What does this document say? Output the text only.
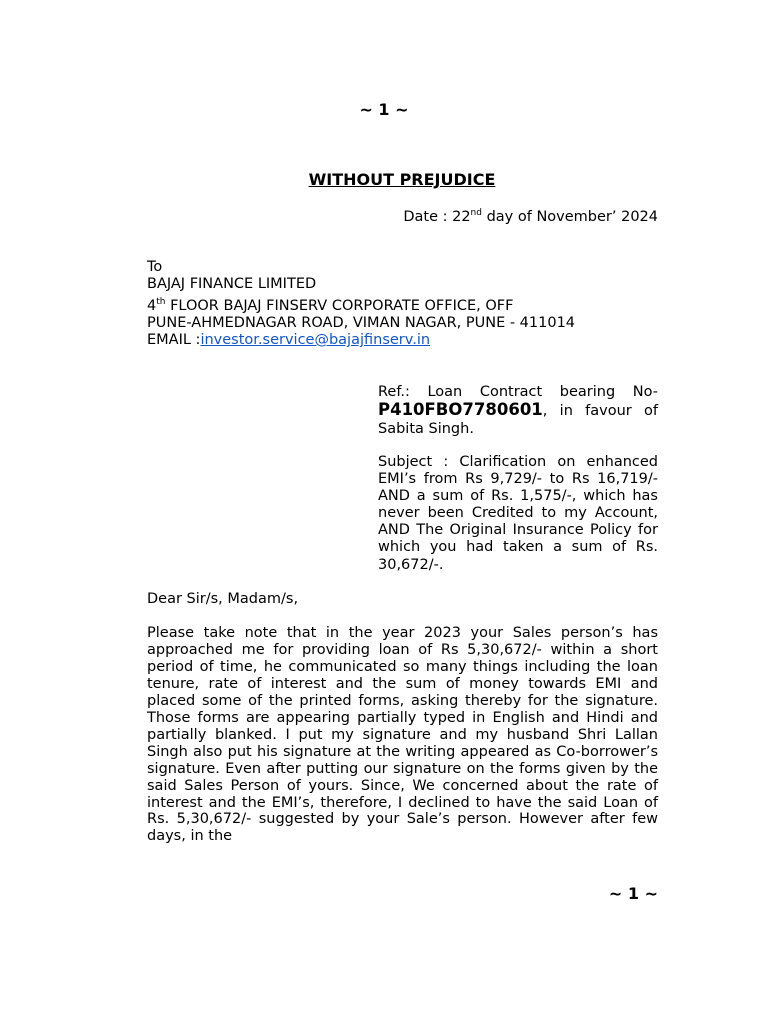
~ 1 ~
WITHOUT PREJUDICE
Date : 22nd day of November’ 2024
To
BAJAJ FINANCE LIMITED
4th FLOOR BAJAJ FINSERV CORPORATE OFFICE, OFF
PUNE-AHMEDNAGAR ROAD, VIMAN NAGAR, PUNE - 411014
EMAIL :investor.service@bajajfinserv.in
Ref.: Loan Contract bearing No- P410FBO7780601, in favour of Sabita Singh.
Subject : Clarification on enhanced EMI’s from Rs 9,729/- to Rs 16,719/- AND a sum of Rs. 1,575/-, which has never been Credited to my Account, AND The Original Insurance Policy for which you had taken a sum of Rs. 30,672/-.
Dear Sir/s, Madam/s,
Please take note that in the year 2023 your Sales person’s has approached me for providing loan of Rs 5,30,672/- within a short period of time, he communicated so many things including the loan tenure, rate of interest and the sum of money towards EMI and placed some of the printed forms, asking thereby for the signature. Those forms are appearing partially typed in English and Hindi and partially blanked. I put my signature and my husband Shri Lallan Singh also put his signature at the writing appeared as Co-borrower’s signature. Even after putting our signature on the forms given by the said Sales Person of yours. Since, We concerned about the rate of interest and the EMI’s, therefore, I declined to have the said Loan of Rs. 5,30,672/- suggested by your Sale’s person. However after few days, in the
~ 1 ~
